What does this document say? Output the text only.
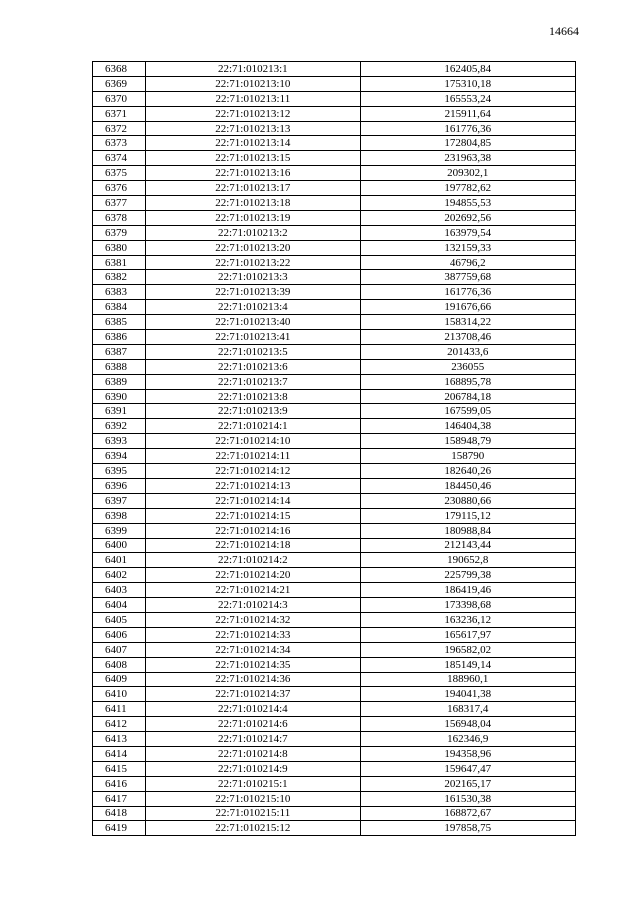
14664
6368	22:71:010213:1	162405,84
6369	22:71:010213:10	175310,18
6370	22:71:010213:11	165553,24
6371	22:71:010213:12	215911,64
6372	22:71:010213:13	161776,36
6373	22:71:010213:14	172804,85
6374	22:71:010213:15	231963,38
6375	22:71:010213:16	209302,1
6376	22:71:010213:17	197782,62
6377	22:71:010213:18	194855,53
6378	22:71:010213:19	202692,56
6379	22:71:010213:2	163979,54
6380	22:71:010213:20	132159,33
6381	22:71:010213:22	46796,2
6382	22:71:010213:3	387759,68
6383	22:71:010213:39	161776,36
6384	22:71:010213:4	191676,66
6385	22:71:010213:40	158314,22
6386	22:71:010213:41	213708,46
6387	22:71:010213:5	201433,6
6388	22:71:010213:6	236055
6389	22:71:010213:7	168895,78
6390	22:71:010213:8	206784,18
6391	22:71:010213:9	167599,05
6392	22:71:010214:1	146404,38
6393	22:71:010214:10	158948,79
6394	22:71:010214:11	158790
6395	22:71:010214:12	182640,26
6396	22:71:010214:13	184450,46
6397	22:71:010214:14	230880,66
6398	22:71:010214:15	179115,12
6399	22:71:010214:16	180988,84
6400	22:71:010214:18	212143,44
6401	22:71:010214:2	190652,8
6402	22:71:010214:20	225799,38
6403	22:71:010214:21	186419,46
6404	22:71:010214:3	173398,68
6405	22:71:010214:32	163236,12
6406	22:71:010214:33	165617,97
6407	22:71:010214:34	196582,02
6408	22:71:010214:35	185149,14
6409	22:71:010214:36	188960,1
6410	22:71:010214:37	194041,38
6411	22:71:010214:4	168317,4
6412	22:71:010214:6	156948,04
6413	22:71:010214:7	162346,9
6414	22:71:010214:8	194358,96
6415	22:71:010214:9	159647,47
6416	22:71:010215:1	202165,17
6417	22:71:010215:10	161530,38
6418	22:71:010215:11	168872,67
6419	22:71:010215:12	197858,75
